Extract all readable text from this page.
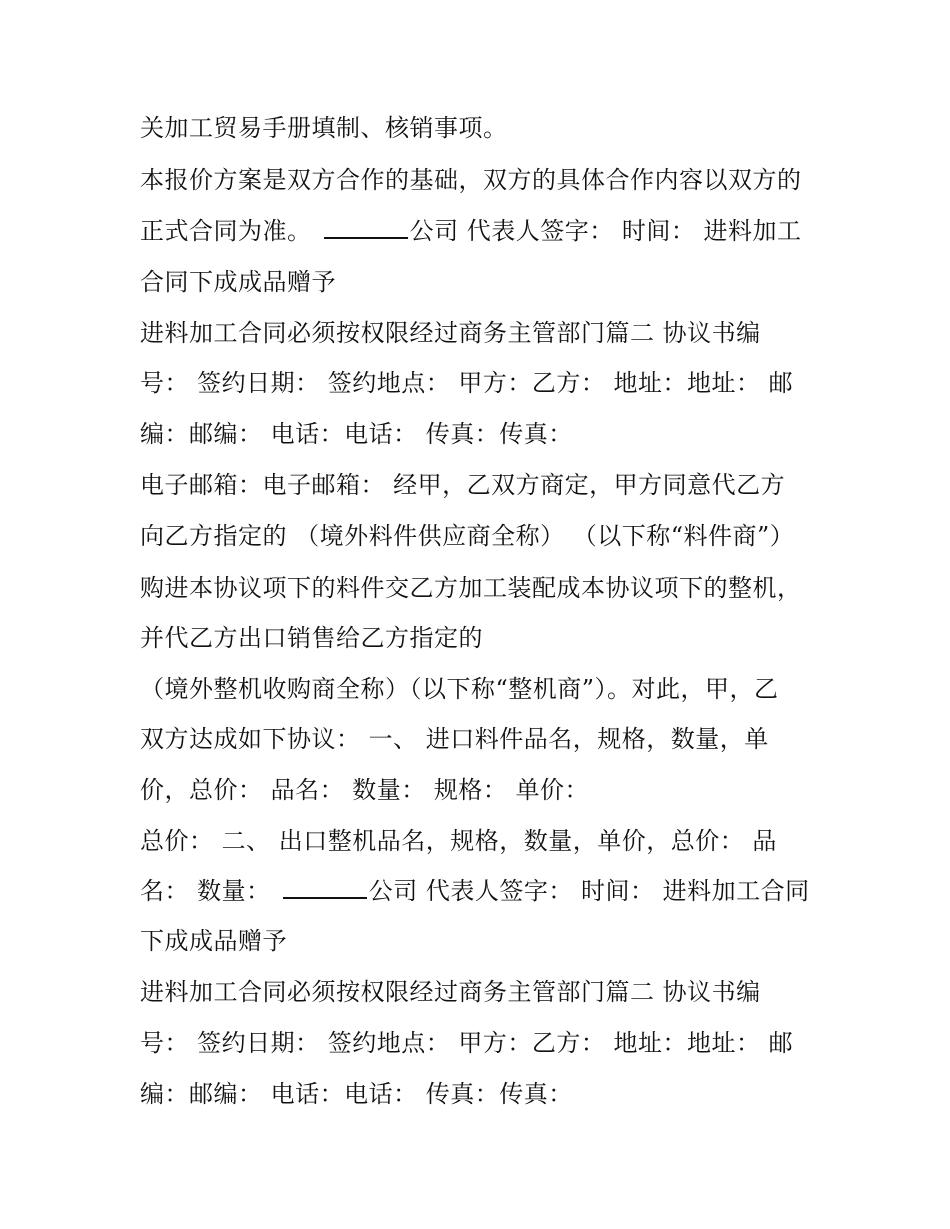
关加工贸易手册填制、核销事项。

本报价方案是双方合作的基础，双方的具体合作内容以双方的

正式合同为准。	公司 代表人签字： 时间： 进料加工

合同下成成品赠予

进料加工合同必须按权限经过商务主管部门篇二 协议书编

号： 签约日期： 签约地点： 甲方：乙方： 地址：地址： 邮

编：邮编： 电话：电话： 传真：传真：

电子邮箱：电子邮箱： 经甲，乙双方商定，甲方同意代乙方

向乙方指定的 （境外料件供应商全称） （以下称“料件商”）

购进本协议项下的料件交乙方加工装配成本协议项下的整机，

并代乙方出口销售给乙方指定的

（境外整机收购商全称）（以下称“整机商”）。对此，甲，乙

双方达成如下协议： 一、 进口料件品名，规格，数量，单

价，总价： 品名： 数量： 规格： 单价：

总价： 二、 出口整机品名，规格，数量，单价，总价： 品

名： 数量：	公司 代表人签字： 时间： 进料加工合同

下成成品赠予

进料加工合同必须按权限经过商务主管部门篇二 协议书编

号： 签约日期： 签约地点： 甲方：乙方： 地址：地址： 邮

编：邮编： 电话：电话： 传真：传真：
